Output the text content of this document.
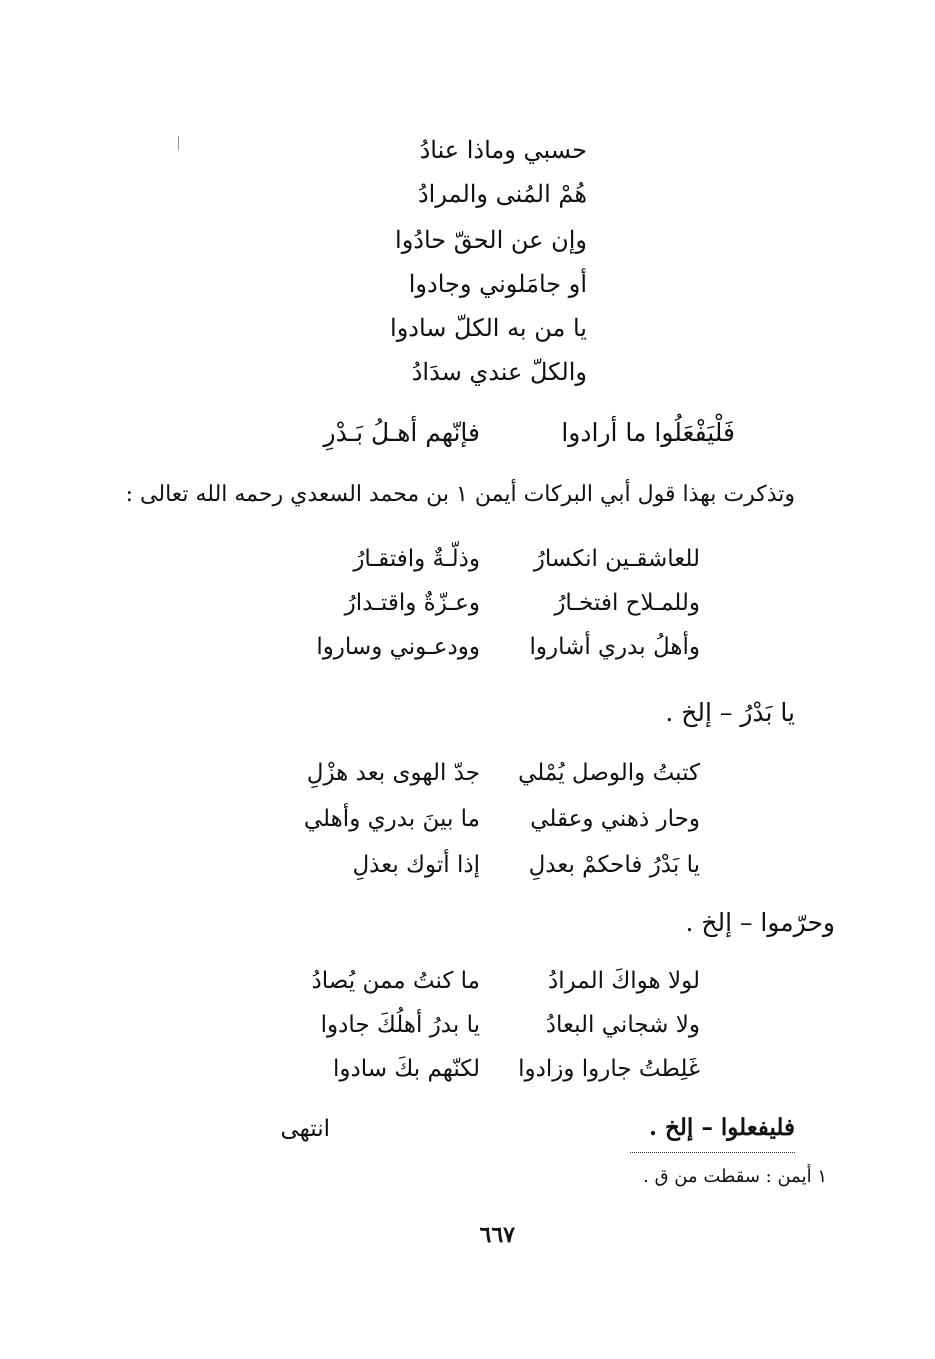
حسبي وماذا عنادُ
هُمْ المُنى والمرادُ
وإن عن الحقّ حادُوا
أو جامَلوني وجادوا
يا من به الكلّ سادوا
والكلّ عندي سدَادُ
فَلْيَفْعَلُوا ما أرادوا
فإنّهم أهـلُ بَـدْرِ
وتذكرت بهذا قول أبي البركات أيمن ١ بن محمد السعدي رحمه الله تعالى :
للعاشقـين انكسارُ
وذلّـةٌ وافتقـارُ
وللمـلاح افتخـارُ
وعـزّةٌ واقتـدارُ
وأهلُ بدري أشاروا
وودعـوني وساروا
يا بَدْرُ – إلخ .
كتبتُ والوصل يُمْلي
جدّ الهوى بعد هزْلِ
وحار ذهني وعقلي
ما بينَ بدري وأهلي
يا بَدْرُ فاحكمْ بعدلِ
إذا أتوك بعذلِ
وحرّموا – إلخ .
لولا هواكَ المرادُ
ما كنتُ ممن يُصادُ
ولا شجاني البعادُ
يا بدرُ أهلُكَ جادوا
غَلِطتُ جاروا وزادوا
لكنّهم بكَ سادوا
فليفعلوا – إلخ .
انتهى
١ أيمن : سقطت من ق .
٦٦٧
